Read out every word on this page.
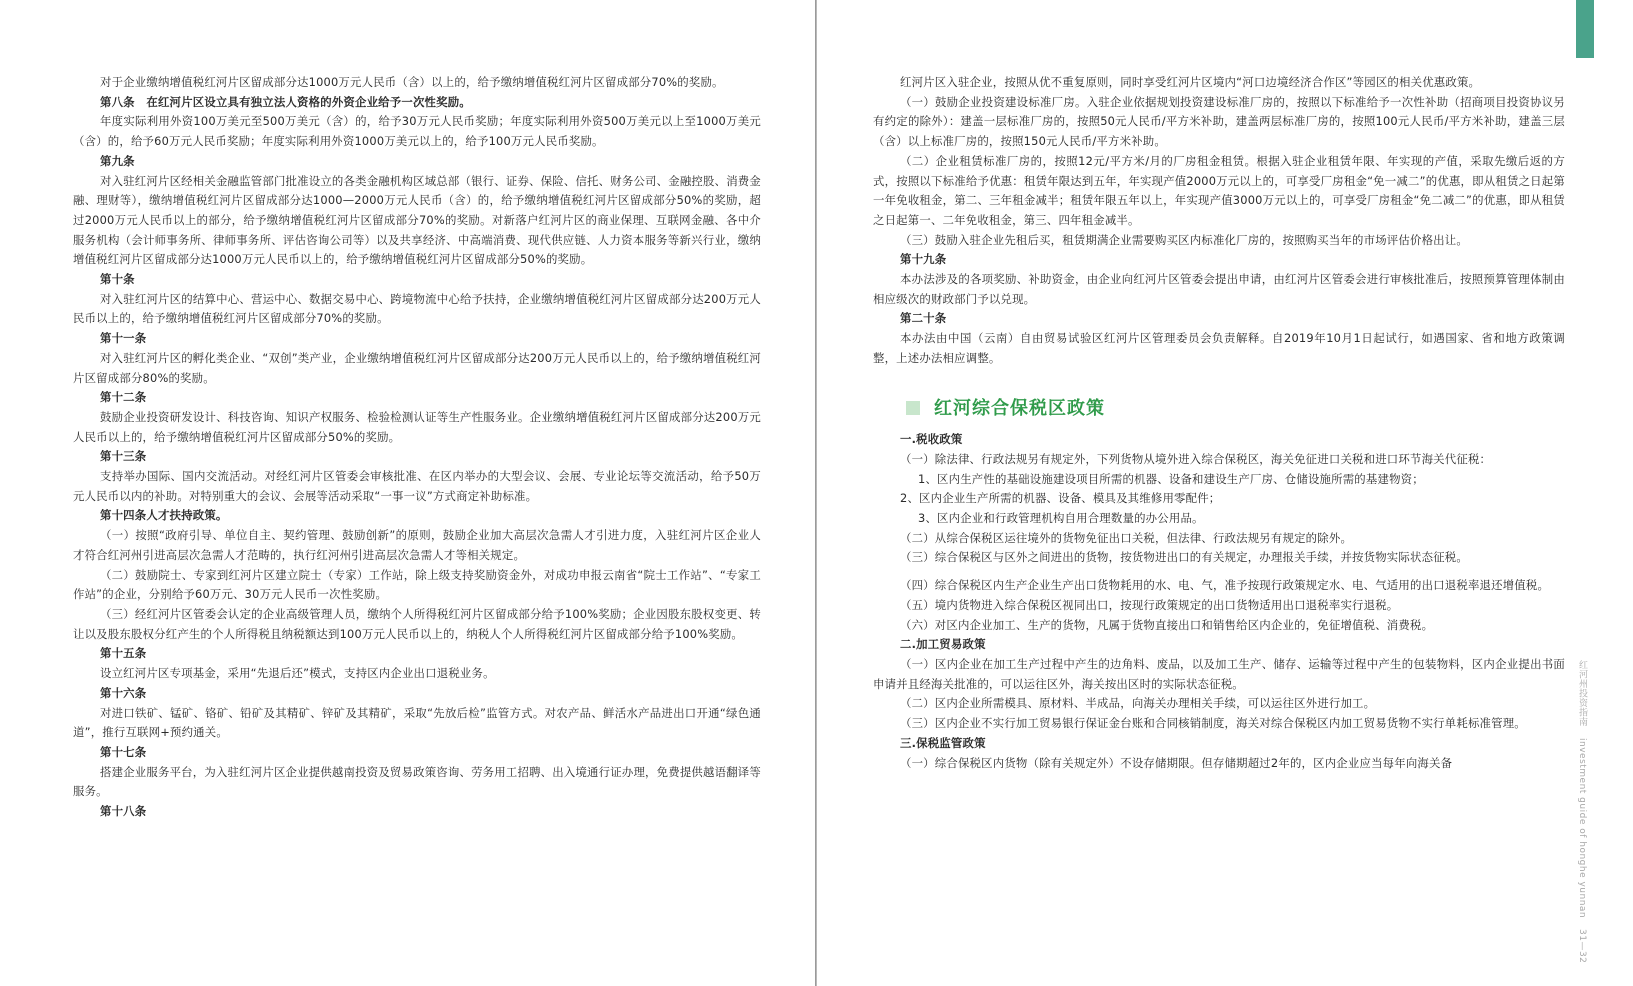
对于企业缴纳增值税红河片区留成部分达1000万元人民币（含）以上的，给予缴纳增值税红河片区留成部分70%的奖励。

第八条　在红河片区设立具有独立法人资格的外资企业给予一次性奖励。

年度实际利用外资100万美元至500万美元（含）的，给予30万元人民币奖励；年度实际利用外资500万美元以上至1000万美元（含）的，给予60万元人民币奖励；年度实际利用外资1000万美元以上的，给予100万元人民币奖励。

第九条

对入驻红河片区经相关金融监管部门批准设立的各类金融机构区域总部（银行、证券、保险、信托、财务公司、金融控股、消费金融、理财等），缴纳增值税红河片区留成部分达1000—2000万元人民币（含）的，给予缴纳增值税红河片区留成部分50%的奖励，超过2000万元人民币以上的部分，给予缴纳增值税红河片区留成部分70%的奖励。对新落户红河片区的商业保理、互联网金融、各中介服务机构（会计师事务所、律师事务所、评估咨询公司等）以及共享经济、中高端消费、现代供应链、人力资本服务等新兴行业，缴纳增值税红河片区留成部分达1000万元人民币以上的，给予缴纳增值税红河片区留成部分50%的奖励。

第十条

对入驻红河片区的结算中心、营运中心、数据交易中心、跨境物流中心给予扶持，企业缴纳增值税红河片区留成部分达200万元人民币以上的，给予缴纳增值税红河片区留成部分70%的奖励。

第十一条

对入驻红河片区的孵化类企业、“双创”类产业，企业缴纳增值税红河片区留成部分达200万元人民币以上的，给予缴纳增值税红河片区留成部分80%的奖励。

第十二条

鼓励企业投资研发设计、科技咨询、知识产权服务、检验检测认证等生产性服务业。企业缴纳增值税红河片区留成部分达200万元人民币以上的，给予缴纳增值税红河片区留成部分50%的奖励。

第十三条

支持举办国际、国内交流活动。对经红河片区管委会审核批准、在区内举办的大型会议、会展、专业论坛等交流活动，给予50万元人民币以内的补助。对特别重大的会议、会展等活动采取“一事一议”方式商定补助标准。

第十四条人才扶持政策。

（一）按照“政府引导、单位自主、契约管理、鼓励创新”的原则，鼓励企业加大高层次急需人才引进力度，入驻红河片区企业人才符合红河州引进高层次急需人才范畴的，执行红河州引进高层次急需人才等相关规定。

（二）鼓励院士、专家到红河片区建立院士（专家）工作站，除上级支持奖励资金外，对成功申报云南省“院士工作站”、“专家工作站”的企业，分别给予60万元、30万元人民币一次性奖励。

（三）经红河片区管委会认定的企业高级管理人员，缴纳个人所得税红河片区留成部分给予100%奖励；企业因股东股权变更、转让以及股东股权分红产生的个人所得税且纳税额达到100万元人民币以上的，纳税人个人所得税红河片区留成部分给予100%奖励。

第十五条

设立红河片区专项基金，采用“先退后还”模式，支持区内企业出口退税业务。

第十六条

对进口铁矿、锰矿、铬矿、铅矿及其精矿、锌矿及其精矿，采取“先放后检”监管方式。对农产品、鲜活水产品进出口开通“绿色通道”，推行互联网+预约通关。

第十七条

搭建企业服务平台，为入驻红河片区企业提供越南投资及贸易政策咨询、劳务用工招聘、出入境通行证办理，免费提供越语翻译等服务。

第十八条

红河片区入驻企业，按照从优不重复原则，同时享受红河片区境内“河口边境经济合作区”等园区的相关优惠政策。

（一）鼓励企业投资建设标准厂房。入驻企业依据规划投资建设标准厂房的，按照以下标准给予一次性补助（招商项目投资协议另有约定的除外）：建盖一层标准厂房的，按照50元人民币/平方米补助，建盖两层标准厂房的，按照100元人民币/平方米补助，建盖三层（含）以上标准厂房的，按照150元人民币/平方米补助。

（二）企业租赁标准厂房的，按照12元/平方米/月的厂房租金租赁。根据入驻企业租赁年限、年实现的产值，采取先缴后返的方式，按照以下标准给予优惠：租赁年限达到五年，年实现产值2000万元以上的，可享受厂房租金“免一减二”的优惠，即从租赁之日起第一年免收租金，第二、三年租金减半；租赁年限五年以上，年实现产值3000万元以上的，可享受厂房租金“免二减二”的优惠，即从租赁之日起第一、二年免收租金，第三、四年租金减半。

（三）鼓励入驻企业先租后买，租赁期满企业需要购买区内标准化厂房的，按照购买当年的市场评估价格出让。

第十九条

本办法涉及的各项奖励、补助资金，由企业向红河片区管委会提出申请，由红河片区管委会进行审核批准后，按照预算管理体制由相应级次的财政部门予以兑现。

第二十条

本办法由中国（云南）自由贸易试验区红河片区管理委员会负责解释。自2019年10月1日起试行，如遇国家、省和地方政策调整，上述办法相应调整。

红河综合保税区政策

一.税收政策

（一）除法律、行政法规另有规定外，下列货物从境外进入综合保税区，海关免征进口关税和进口环节海关代征税：

1、区内生产性的基础设施建设项目所需的机器、设备和建设生产厂房、仓储设施所需的基建物资；

2、区内企业生产所需的机器、设备、模具及其维修用零配件；

3、区内企业和行政管理机构自用合理数量的办公用品。

（二）从综合保税区运往境外的货物免征出口关税，但法律、行政法规另有规定的除外。

（三）综合保税区与区外之间进出的货物，按货物进出口的有关规定，办理报关手续，并按货物实际状态征税。

（四）综合保税区内生产企业生产出口货物耗用的水、电、气，准予按现行政策规定水、电、气适用的出口退税率退还增值税。

（五）境内货物进入综合保税区视同出口，按现行政策规定的出口货物适用出口退税率实行退税。

（六）对区内企业加工、生产的货物，凡属于货物直接出口和销售给区内企业的，免征增值税、消费税。

二.加工贸易政策

（一）区内企业在加工生产过程中产生的边角料、废品，以及加工生产、储存、运输等过程中产生的包装物料，区内企业提出书面申请并且经海关批准的，可以运往区外，海关按出区时的实际状态征税。

（二）区内企业所需模具、原材料、半成品，向海关办理相关手续，可以运往区外进行加工。

（三）区内企业不实行加工贸易银行保证金台账和合同核销制度，海关对综合保税区内加工贸易货物不实行单耗标准管理。

三.保税监管政策

（一）综合保税区内货物（除有关规定外）不设存储期限。但存储期超过2年的，区内企业应当每年向海关备

红河州投资指南 investment guide of honghe yunnan 31—32
